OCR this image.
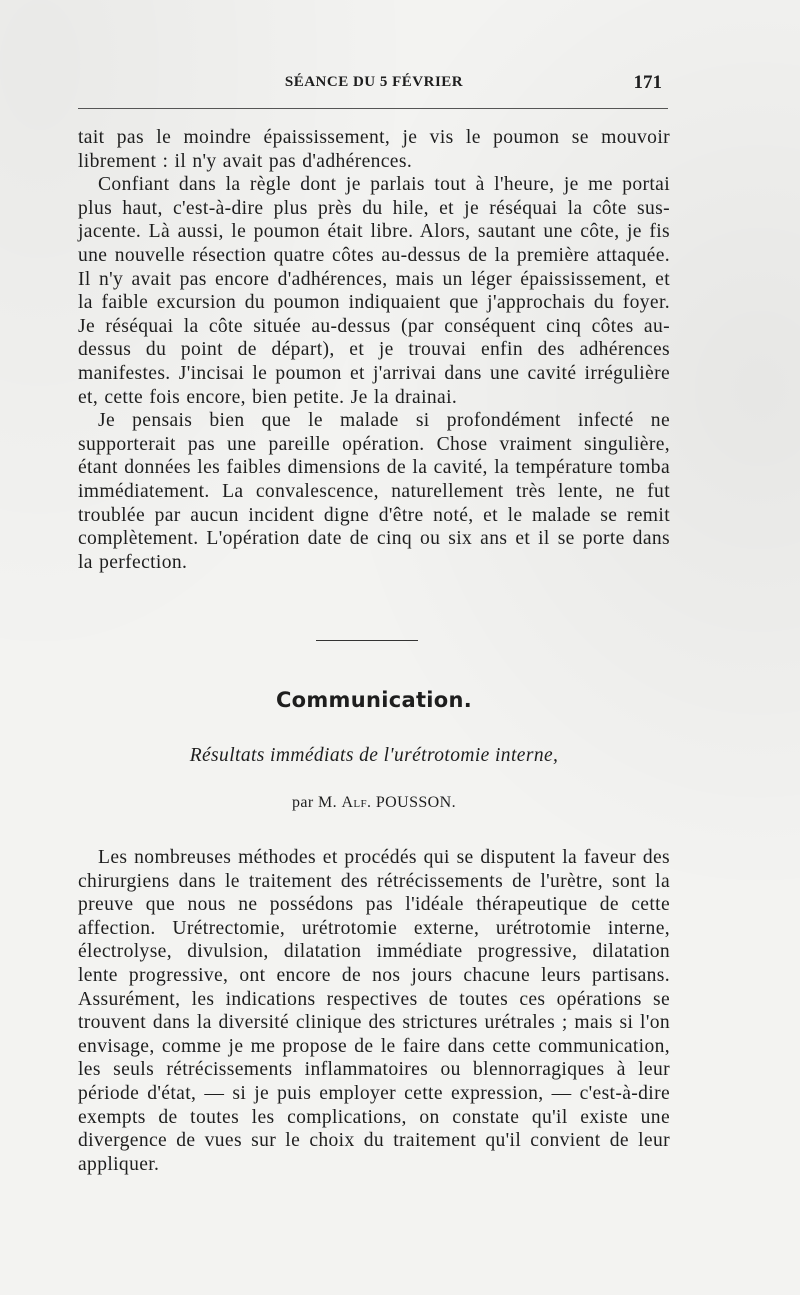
SÉANCE DU 5 FÉVRIER	171

tait pas le moindre épaississement, je vis le poumon se mouvoir librement : il n'y avait pas d'adhérences.

Confiant dans la règle dont je parlais tout à l'heure, je me portai plus haut, c'est-à-dire plus près du hile, et je réséquai la côte sus-jacente. Là aussi, le poumon était libre. Alors, sautant une côte, je fis une nouvelle résection quatre côtes au-dessus de la première attaquée. Il n'y avait pas encore d'adhérences, mais un léger épaississement, et la faible excursion du poumon indiquaient que j'approchais du foyer. Je réséquai la côte située au-dessus (par conséquent cinq côtes au-dessus du point de départ), et je trouvai enfin des adhérences manifestes. J'incisai le poumon et j'arrivai dans une cavité irrégulière et, cette fois encore, bien petite. Je la drainai.

Je pensais bien que le malade si profondément infecté ne supporterait pas une pareille opération. Chose vraiment singulière, étant données les faibles dimensions de la cavité, la température tomba immédiatement. La convalescence, naturellement très lente, ne fut troublée par aucun incident digne d'être noté, et le malade se remit complètement. L'opération date de cinq ou six ans et il se porte dans la perfection.

Communication.
Résultats immédiats de l'urétrotomie interne,
par M. Alf. POUSSON.

Les nombreuses méthodes et procédés qui se disputent la faveur des chirurgiens dans le traitement des rétrécissements de l'urètre, sont la preuve que nous ne possédons pas l'idéale thérapeutique de cette affection. Urétrectomie, urétrotomie externe, urétrotomie interne, électrolyse, divulsion, dilatation immédiate progressive, dilatation lente progressive, ont encore de nos jours chacune leurs partisans. Assurément, les indications respectives de toutes ces opérations se trouvent dans la diversité clinique des strictures urétrales ; mais si l'on envisage, comme je me propose de le faire dans cette communication, les seuls rétrécissements inflammatoires ou blennorragiques à leur période d'état, — si je puis employer cette expression, — c'est-à-dire exempts de toutes les complications, on constate qu'il existe une divergence de vues sur le choix du traitement qu'il convient de leur appliquer.
